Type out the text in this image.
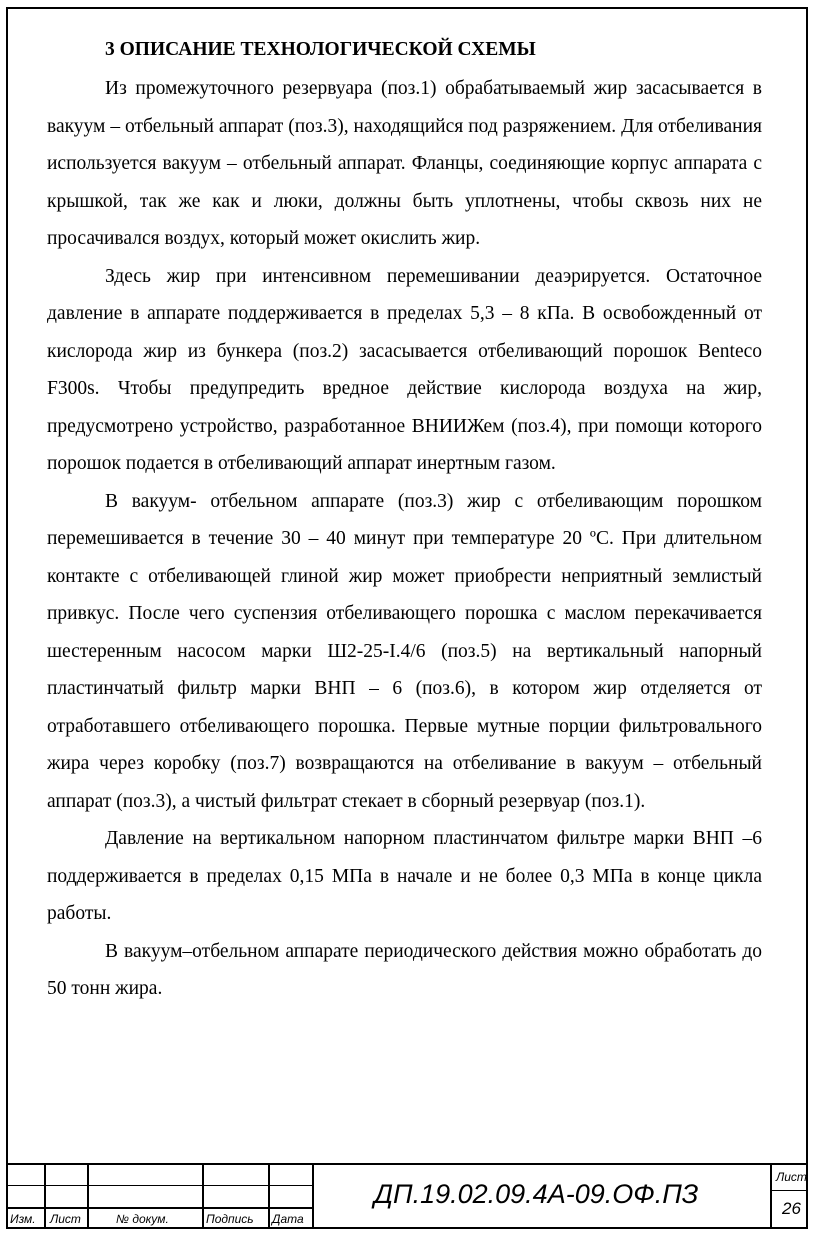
3 ОПИСАНИЕ ТЕХНОЛОГИЧЕСКОЙ СХЕМЫ

Из промежуточного резервуара (поз.1) обрабатываемый жир засасывается в вакуум – отбельный аппарат (поз.3), находящийся под разряжением. Для отбеливания используется вакуум – отбельный аппарат. Фланцы, соединяющие корпус аппарата с крышкой, так же как и люки, должны быть уплотнены, чтобы сквозь них не просачивался воздух, который может окислить жир.

Здесь жир при интенсивном перемешивании деаэрируется. Остаточное давление в аппарате поддерживается в пределах 5,3 – 8 кПа. В освобожденный от кислорода жир из бункера (поз.2) засасывается отбеливающий порошок Benteco F300s. Чтобы предупредить вредное действие кислорода воздуха на жир, предусмотрено устройство, разработанное ВНИИЖем (поз.4), при помощи которого порошок подается в отбеливающий аппарат инертным газом.

В вакуум- отбельном аппарате (поз.3) жир с отбеливающим порошком перемешивается в течение 30 – 40 минут при температуре 20 ºС. При длительном контакте с отбеливающей глиной жир может приобрести неприятный землистый привкус. После чего суспензия отбеливающего порошка с маслом перекачивается шестеренным насосом марки Ш2-25-I.4/6 (поз.5) на вертикальный напорный пластинчатый фильтр марки ВНП – 6 (поз.6), в котором жир отделяется от отработавшего отбеливающего порошка. Первые мутные порции фильтровального жира через коробку (поз.7) возвращаются на отбеливание в вакуум – отбельный аппарат (поз.3), а чистый фильтрат стекает в сборный резервуар (поз.1).

Давление на вертикальном напорном пластинчатом фильтре марки ВНП –6 поддерживается в пределах 0,15 МПа в начале и не более 0,3 МПа в конце цикла работы.

В вакуум–отбельном аппарате периодического действия можно обработать до 50 тонн жира.

Изм. Лист	№ докум.	Подпись Дата
ДП.19.02.09.4А-09.ОФ.ПЗ
Лист
26
